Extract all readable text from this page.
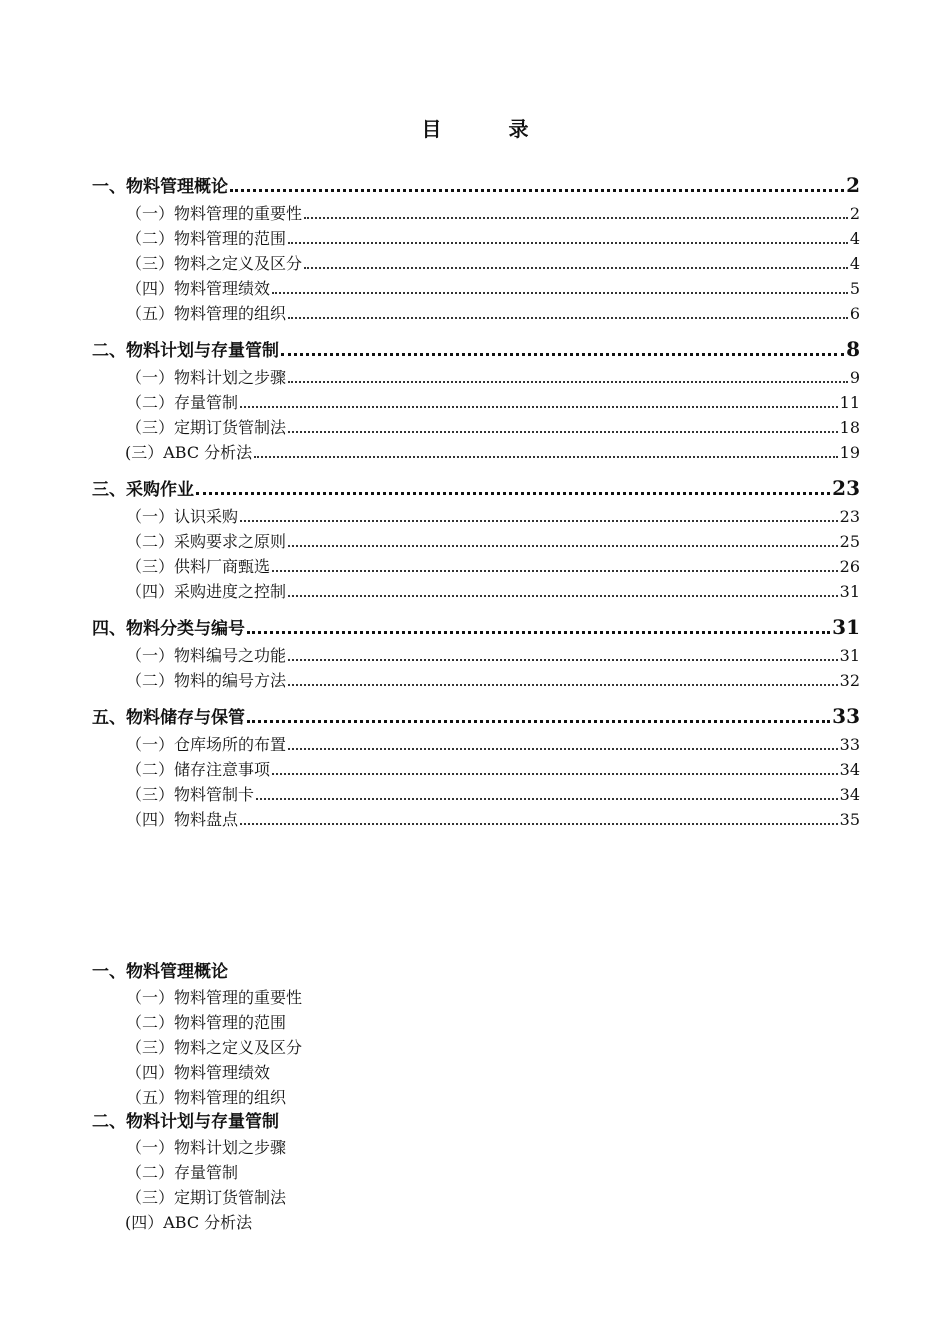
目 录
一、物料管理概论	2
（一）物料管理的重要性	2
（二）物料管理的范围	4
（三）物料之定义及区分	4
（四）物料管理绩效	5
（五）物料管理的组织	6
二、物料计划与存量管制	8
（一）物料计划之步骤	9
（二）存量管制	11
（三）定期订货管制法	18
(三）ABC 分析法	19
三、采购作业	23
（一）认识采购	23
（二）采购要求之原则	25
（三）供料厂商甄选	26
（四）采购进度之控制	31
四、物料分类与编号	31
（一）物料编号之功能	31
（二）物料的编号方法	32
五、物料储存与保管	33
（一）仓库场所的布置	33
（二）储存注意事项	34
（三）物料管制卡	34
（四）物料盘点	35
一、物料管理概论
（一）物料管理的重要性
（二）物料管理的范围
（三）物料之定义及区分
（四）物料管理绩效
（五）物料管理的组织
二、物料计划与存量管制
（一）物料计划之步骤
（二）存量管制
（三）定期订货管制法
(四）ABC 分析法
